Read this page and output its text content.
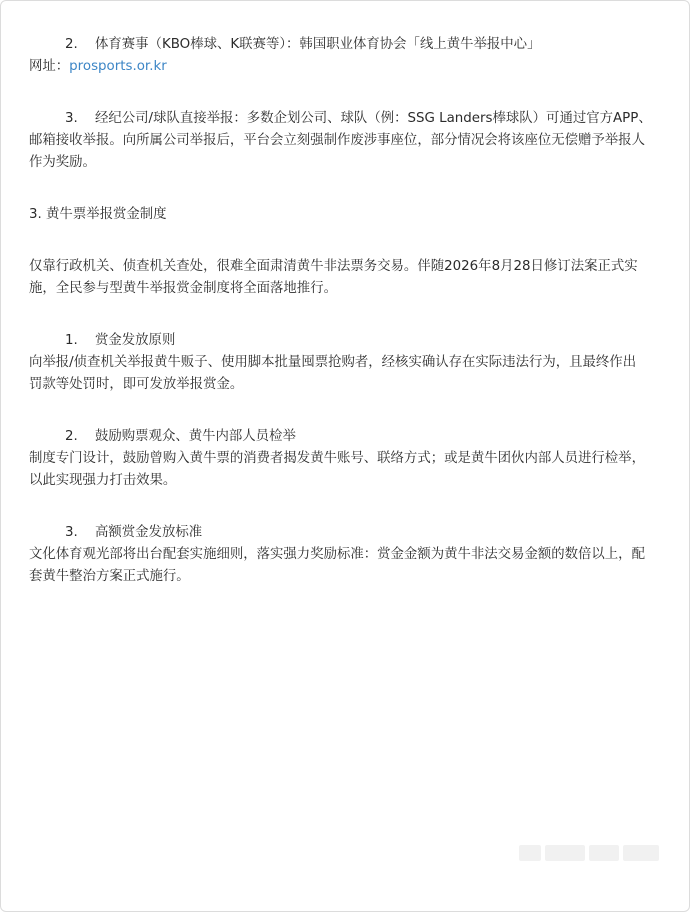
2. 体育赛事（KBO棒球、K联赛等）：韩国职业体育协会「线上黄牛举报中心」

网址：prosports.or.kr

3. 经纪公司/球队直接举报：多数企划公司、球队（例：SSG Landers棒球队）可通过官方APP、

邮箱接收举报。向所属公司举报后，平台会立刻强制作废涉事座位，部分情况会将该座位无偿赠予举报人

作为奖励。

3. 黄牛票举报赏金制度

仅靠行政机关、侦查机关查处，很难全面肃清黄牛非法票务交易。伴随2026年8月28日修订法案正式实

施，全民参与型黄牛举报赏金制度将全面落地推行。

1. 赏金发放原则

向举报/侦查机关举报黄牛贩子、使用脚本批量囤票抢购者，经核实确认存在实际违法行为，且最终作出

罚款等处罚时，即可发放举报赏金。

2. 鼓励购票观众、黄牛内部人员检举

制度专门设计，鼓励曾购入黄牛票的消费者揭发黄牛账号、联络方式；或是黄牛团伙内部人员进行检举，

以此实现强力打击效果。

3. 高额赏金发放标准

文化体育观光部将出台配套实施细则，落实强力奖励标准：赏金金额为黄牛非法交易金额的数倍以上，配

套黄牛整治方案正式施行。
